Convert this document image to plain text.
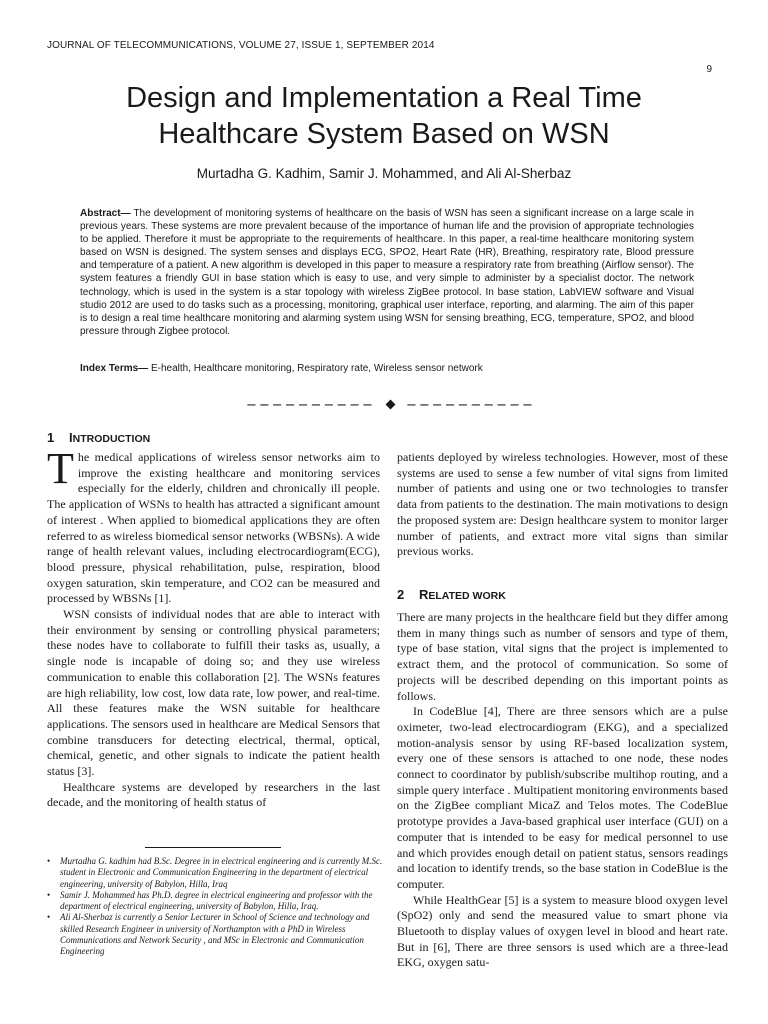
JOURNAL OF TELECOMMUNICATIONS, VOLUME 27, ISSUE 1, SEPTEMBER 2014
9
Design and Implementation a Real Time
Healthcare System Based on WSN
Murtadha G. Kadhim, Samir J. Mohammed, and Ali Al-Sherbaz

Abstract— The development of monitoring systems of healthcare on the basis of WSN has seen a significant increase on a large scale in previous years. These systems are more prevalent because of the importance of human life and the provision of appropriate technologies to be applied. Therefore it must be appropriate to the requirements of healthcare. In this paper, a real-time healthcare monitoring system based on WSN is designed. The system senses and displays ECG, SPO2, Heart Rate (HR), Breathing, respiratory rate, Blood pressure and temperature of a patient. A new algorithm is developed in this paper to measure a respiratory rate from breathing (Airflow sensor). The system features a friendly GUI in base station which is easy to use, and very simple to administer by a specialist doctor. The network technology, which is used in the system is a star topology with wireless ZigBee protocol. In base station, LabVIEW software and Visual studio 2012 are used to do tasks such as a processing, monitoring, graphical user interface, reporting, and alarming. The aim of this paper is to design a real time healthcare monitoring and alarming system using WSN for sensing breathing, ECG, temperature, SPO2, and blood pressure through Zigbee protocol.

Index Terms— E-health, Healthcare monitoring, Respiratory rate, Wireless sensor network

−−−−−−−−−− −−−−−−−−−−
1 INTRODUCTION

The medical applications of wireless sensor networks aim to improve the existing healthcare and monitoring services especially for the elderly, children and chronically ill people. The application of WSNs to health has attracted a significant amount of interest . When applied to biomedical applications they are often referred to as wireless biomedical sensor networks (WBSNs). A wide range of health relevant values, including electrocardiogram(ECG), blood pressure, physical rehabilitation, pulse, respiration, blood oxygen saturation, skin temperature, and CO2 can be measured and processed by WBSNs [1].

WSN consists of individual nodes that are able to interact with their environment by sensing or controlling physical parameters; these nodes have to collaborate to fulfill their tasks as, usually, a single node is incapable of doing so; and they use wireless communication to enable this collaboration [2]. The WSNs features are high reliability, low cost, low data rate, low power, and real-time. All these features make the WSN suitable for healthcare applications. The sensors used in healthcare are Medical Sensors that combine transducers for detecting electrical, thermal, optical, chemical, genetic, and other signals to indicate the patient health status [3].

Healthcare systems are developed by researchers in the last decade, and the monitoring of health status of

• Murtadha G. kadhim had B.Sc. Degree in in electrical engineering and is currently M.Sc. student in Electronic and Communication Engineering in the department of electrical engineering, university of Babylon, Hilla, Iraq
• Samir J. Mohammed has Ph.D. degree in electrical engineering and professor with the department of electrical engineering, university of Babylon, Hilla, Iraq.
• Ali Al-Sherbaz is currently a Senior Lecturer in School of Science and technology and skilled Research Engineer in university of Northampton with a PhD in Wireless Communications and Network Security , and MSc in Electronic and Communication Engineering

patients deployed by wireless technologies. However, most of these systems are used to sense a few number of vital signs from limited number of patients and using one or two technologies to transfer data from patients to the destination. The main motivations to design the proposed system are: Design healthcare system to monitor larger number of patients, and extract more vital signs than similar previous works.

2 RELATED WORK

There are many projects in the healthcare field but they differ among them in many things such as number of sensors and type of them, type of base station, vital signs that the project is implemented to extract them, and the protocol of communication. So some of projects will be described depending on this important points as follows.

In CodeBlue [4], There are three sensors which are a pulse oximeter, two-lead electrocardiogram (EKG), and a specialized motion-analysis sensor by using RF-based localization system, every one of these sensors is attached to one node, these nodes connect to coordinator by publish/subscribe multihop routing, and a simple query interface . Multipatient monitoring environments based on the ZigBee compliant MicaZ and Telos motes. The CodeBlue prototype provides a Java-based graphical user interface (GUI) on a computer that is intended to be easy for medical personnel to use and which provides enough detail on patient status, sensors readings and location to identify trends, so the base station in CodeBlue is the computer.

While HealthGear [5] is a system to measure blood oxygen level (SpO2) only and send the measured value to smart phone via Bluetooth to display values of oxygen level in blood and heart rate. But in [6], There are three sensors is used which are a three-lead EKG, oxygen satu-
